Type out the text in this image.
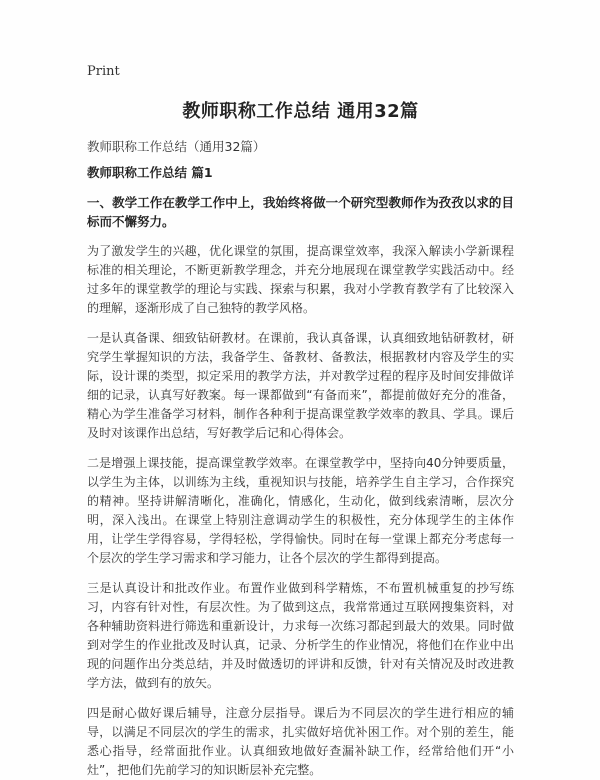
Print
教师职称工作总结 通用32篇

教师职称工作总结（通用32篇）

教师职称工作总结 篇1

一、教学工作在教学工作中上，我始终将做一个研究型教师作为孜孜以求的目标而不懈努力。

为了激发学生的兴趣，优化课堂的氛围，提高课堂效率，我深入解读小学新课程标准的相关理论，不断更新教学理念，并充分地展现在课堂教学实践活动中。经过多年的课堂教学的理论与实践、探索与积累，我对小学教育教学有了比较深入的理解，逐渐形成了自己独特的教学风格。

一是认真备课、细致钻研教材。在课前，我认真备课，认真细致地钻研教材，研究学生掌握知识的方法，我备学生、备教材、备教法，根据教材内容及学生的实际，设计课的类型，拟定采用的教学方法，并对教学过程的程序及时间安排做详细的记录，认真写好教案。每一课都做到“有备而来”，都提前做好充分的准备，精心为学生准备学习材料，制作各种利于提高课堂教学效率的教具、学具。课后及时对该课作出总结，写好教学后记和心得体会。

二是增强上课技能，提高课堂教学效率。在课堂教学中，坚持向40分钟要质量，以学生为主体，以训练为主线，重视知识与技能，培养学生自主学习，合作探究的精神。坚持讲解清晰化，准确化，情感化，生动化，做到线索清晰，层次分明，深入浅出。在课堂上特别注意调动学生的积极性，充分体现学生的主体作用，让学生学得容易，学得轻松，学得愉快。同时在每一堂课上都充分考虑每一个层次的学生学习需求和学习能力，让各个层次的学生都得到提高。

三是认真设计和批改作业。布置作业做到科学精炼，不布置机械重复的抄写练习，内容有针对性，有层次性。为了做到这点，我常常通过互联网搜集资料，对各种辅助资料进行筛选和重新设计，力求每一次练习都起到最大的效果。同时做到对学生的作业批改及时认真，记录、分析学生的作业情况，将他们在作业中出现的问题作出分类总结，并及时做透切的评讲和反馈，针对有关情况及时改进教学方法，做到有的放矢。

四是耐心做好课后辅导，注意分层指导。课后为不同层次的学生进行相应的辅导，以满足不同层次的学生的需求，扎实做好培优补困工作。对个别的差生，能悉心指导，经常面批作业。认真细致地做好查漏补缺工作，经常给他们开“小灶”，把他们先前学习的知识断层补充完整。
